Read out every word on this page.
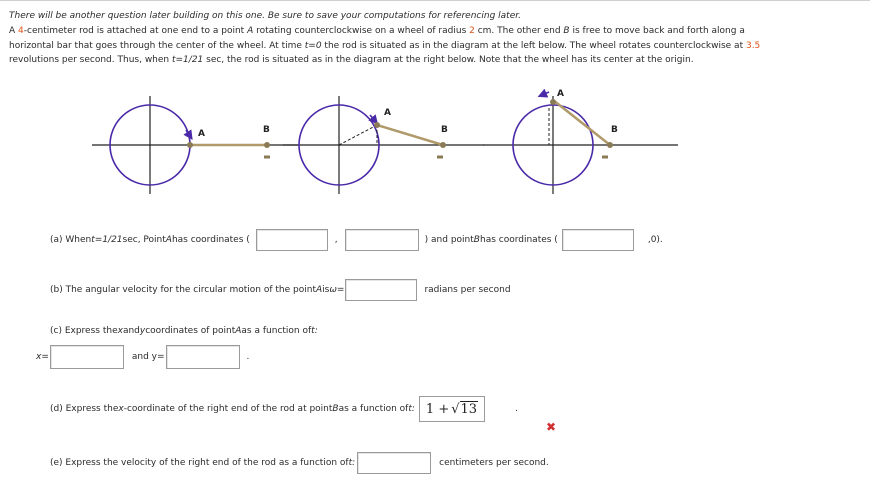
There will be another question later building on this one. Be sure to save your computations for referencing later.
A 4-centimeter rod is attached at one end to a point A rotating counterclockwise on a wheel of radius 2 cm. The other end B is free to move back and forth along a
horizontal bar that goes through the center of the wheel. At time t=0 the rod is situated as in the diagram at the left below. The wheel rotates counterclockwise at 3.5
revolutions per second. Thus, when t=1/21 sec, the rod is situated as in the diagram at the right below. Note that the wheel has its center at the origin.
A	B
A
B
A
B
(a) When t=1/21 sec, Point A has coordinates (	,	) and point B has coordinates (	,0).
(b) The angular velocity for the circular motion of the point A is ω=	radians per second
(c) Express the x and y coordinates of point A as a function of t:
x=	and y=	.
(d) Express the x -coordinate of the right end of the rod at point B as a function of t: 1 + √ 13	.
✖
(e) Express the velocity of the right end of the rod as a function of t:	centimeters per second.
